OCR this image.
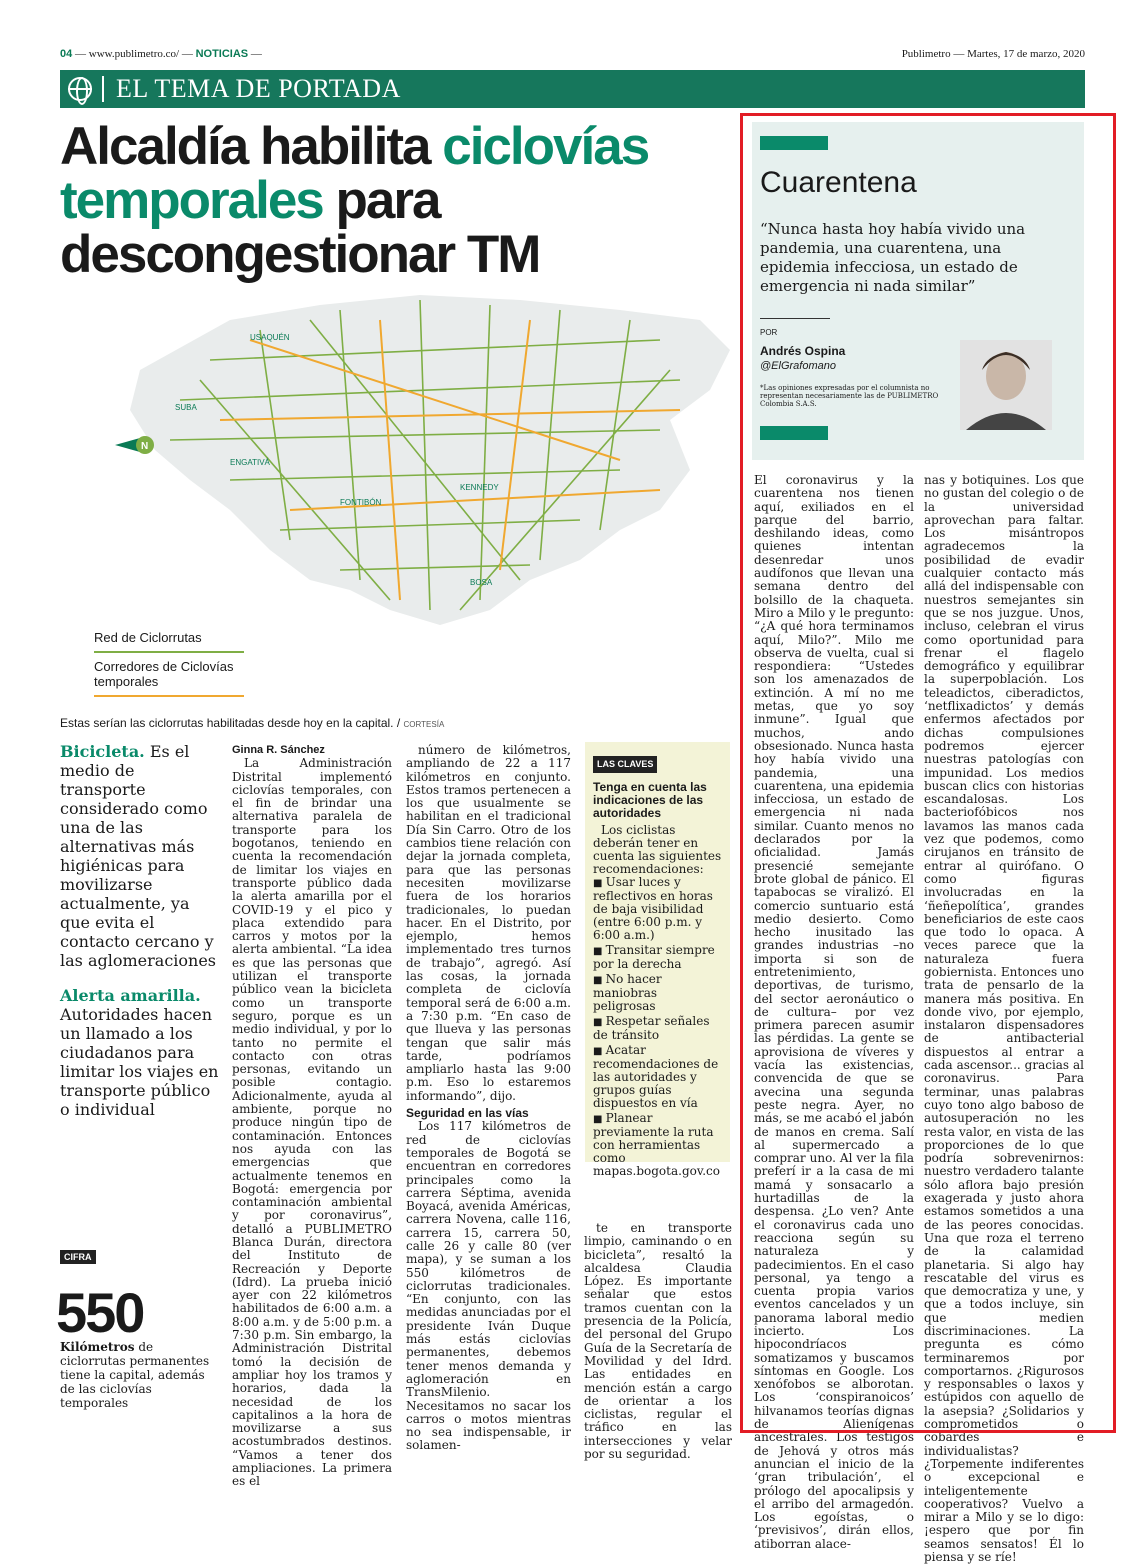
04 — www.publimetro.co/ — NOTICIAS —	Publimetro — Martes, 17 de marzo, 2020
EL TEMA DE PORTADA
Alcaldía habilita ciclovías temporales para descongestionar TM
USAQUÉN
SUBA
ENGATIVÁ
FONTIBÓN
KENNEDY
BOSA
N
Red de Ciclorrutas
Corredores de Ciclovías temporales
Estas serían las ciclorrutas habilitadas desde hoy en la capital. / CORTESÍA

Bicicleta. Es el medio de transporte considerado como una de las alternativas más higiénicas para movilizarse actualmente, ya que evita el contacto cercano y las aglomeraciones

Alerta amarilla. Autoridades hacen un llamado a los ciudadanos para limitar los viajes en transporte público o individual

CIFRA
550
Kilómetros de ciclorrutas permanentes tiene la capital, además de las ciclovías temporales

Ginna R. Sánchez

La Administración Distrital implementó ciclovías temporales, con el fin de brindar una alternativa paralela de transporte para los bogotanos, teniendo en cuenta la recomendación de limitar los viajes en transporte público dada la alerta amarilla por el COVID-19 y el pico y placa extendido para carros y motos por la alerta ambiental. “La idea es que las personas que utilizan el transporte público vean la bicicleta como un transporte seguro, porque es un medio individual, y por lo tanto no permite el contacto con otras personas, evitando un posible contagio. Adicionalmente, ayuda al ambiente, porque no produce ningún tipo de contaminación. Entonces nos ayuda con las emergencias que actualmente tenemos en Bogotá: emergencia por contaminación ambiental y por coronavirus”, detalló a PUBLIMETRO Blanca Durán, directora del Instituto de Recreación y Deporte (Idrd). La prueba inició ayer con 22 kilómetros habilitados de 6:00 a.m. a 8:00 a.m. y de 5:00 p.m. a 7:30 p.m. Sin embargo, la Administración Distrital tomó la decisión de ampliar hoy los tramos y horarios, dada la necesidad de los capitalinos a la hora de movilizarse a sus acostumbrados destinos. “Vamos a tener dos ampliaciones. La primera es el

número de kilómetros, ampliando de 22 a 117 kilómetros en conjunto. Estos tramos pertenecen a los que usualmente se habilitan en el tradicional Día Sin Carro. Otro de los cambios tiene relación con dejar la jornada completa, para que las personas necesiten movilizarse fuera de los horarios tradicionales, lo puedan hacer. En el Distrito, por ejemplo, hemos implementado tres turnos de trabajo”, agregó. Así las cosas, la jornada completa de ciclovía temporal será de 6:00 a.m. a 7:30 p.m. “En caso de que llueva y las personas tengan que salir más tarde, podríamos ampliarlo hasta las 9:00 p.m. Eso lo estaremos informando”, dijo.

Seguridad en las vías

Los 117 kilómetros de red de ciclovías temporales de Bogotá se encuentran en corredores principales como la carrera Séptima, avenida Boyacá, avenida Américas, carrera Novena, calle 116, carrera 15, carrera 50, calle 26 y calle 80 (ver mapa), y se suman a los 550 kilómetros de ciclorrutas tradicionales. “En conjunto, con las medidas anunciadas por el presidente Iván Duque más estás ciclovías permanentes, debemos tener menos demanda y aglomeración en TransMilenio. Necesitamos no sacar los carros o motos mientras no sea indispensable, ir solamen-

te en transporte limpio, caminando o en bicicleta”, resaltó la alcaldesa Claudia López. Es importante señalar que estos tramos cuentan con la presencia de la Policía, del personal del Grupo Guía de la Secretaría de Movilidad y del Idrd. Las entidades en mención están a cargo de orientar a los ciclistas, regular el tráfico en las intersecciones y velar por su seguridad.

LAS CLAVES
Tenga en cuenta las indicaciones de las autoridades

Los ciclistas deberán tener en cuenta las siguientes recomendaciones:

■ Usar luces y reflectivos en horas de baja visibilidad (entre 6:00 p.m. y 6:00 a.m.)
■ Transitar siempre por la derecha
■ No hacer maniobras peligrosas
■ Respetar señales de tránsito
■ Acatar recomendaciones de las autoridades y grupos guías dispuestos en vía
■ Planear previamente la ruta con herramientas como mapas.bogota.gov.co
Cuarentena
“Nunca hasta hoy había vivido una pandemia, una cuarentena, una epidemia infecciosa, un estado de emergencia ni nada similar”
POR
Andrés Ospina
@ElGrafomano
*Las opiniones expresadas por el columnista no representan necesariamente las de PUBLIMETRO Colombia S.A.S.

El coronavirus y la cuarentena nos tienen aquí, exiliados en el parque del barrio, deshilando ideas, como quienes intentan desenredar unos audífonos que llevan una semana dentro del bolsillo de la chaqueta. Miro a Milo y le pregunto: “¿A qué hora terminamos aquí, Milo?”. Milo me observa de vuelta, cual si respondiera: “Ustedes son los amenazados de extinción. A mí no me metas, que yo soy inmune”. Igual que muchos, ando obsesionado. Nunca hasta hoy había vivido una pandemia, una cuarentena, una epidemia infecciosa, un estado de emergencia ni nada similar. Cuanto menos no declarados por la oficialidad. Jamás presencié semejante brote global de pánico. El tapabocas se viralizó. El comercio suntuario está medio desierto. Como hecho inusitado las grandes industrias –no importa si son de entretenimiento, deportivas, de turismo, del sector aeronáutico o de cultura– por vez primera parecen asumir las pérdidas. La gente se aprovisiona de víveres y vacía las existencias, convencida de que se avecina una segunda peste negra. Ayer, no más, se me acabó el jabón de manos en crema. Salí al supermercado a comprar uno. Al ver la fila preferí ir a la casa de mi mamá y sonsacarlo a hurtadillas de la despensa. ¿Lo ven? Ante el coronavirus cada uno reacciona según su naturaleza y padecimientos. En el caso personal, ya tengo a cuenta propia varios eventos cancelados y un panorama laboral medio incierto. Los hipocondríacos somatizamos y buscamos síntomas en Google. Los xenófobos se alborotan. Los ‘conspiranoicos’ hilvanamos teorías dignas de Alienígenas ancestrales. Los testigos de Jehová y otros más anuncian el inicio de la ‘gran tribulación’, el prólogo del apocalipsis y el arribo del armagedón. Los egoístas, o ‘previsivos’, dirán ellos, atiborran alace-

nas y botiquines. Los que no gustan del colegio o de la universidad aprovechan para faltar. Los misántropos agradecemos la posibilidad de evadir cualquier contacto más allá del indispensable con nuestros semejantes sin que se nos juzgue. Unos, incluso, celebran el virus como oportunidad para frenar el flagelo demográfico y equilibrar la superpoblación. Los teleadictos, ciberadictos, ‘netflixadictos’ y demás enfermos afectados por dichas compulsiones podremos ejercer nuestras patologías con impunidad. Los medios buscan clics con historias escandalosas. Los bacteriofóbicos nos lavamos las manos cada vez que podemos, como cirujanos en tránsito de entrar al quirófano. O como figuras involucradas en la ‘ñeñepolítica’, grandes beneficiarios de este caos que todo lo opaca. A veces parece que la naturaleza fuera gobiernista. Entonces uno trata de pensarlo de la manera más positiva. En donde vivo, por ejemplo, instalaron dispensadores de antibacterial dispuestos al entrar a cada ascensor... gracias al coronavirus. Para terminar, unas palabras cuyo tono algo baboso de autosuperación no les resta valor, en vista de las proporciones de lo que podría sobrevenirnos: nuestro verdadero talante sólo aflora bajo presión exagerada y justo ahora estamos sometidos a una de las peores conocidas. Una que roza el terreno de la calamidad planetaria. Si algo hay rescatable del virus es que democratiza y une, y que a todos incluye, sin que medien discriminaciones. La pregunta es cómo terminaremos por comportarnos. ¿Rigurosos y responsables o laxos y estúpidos con aquello de la asepsia? ¿Solidarios y comprometidos o cobardes e individualistas? ¿Torpemente indiferentes o excepcional e inteligentemente cooperativos? Vuelvo a mirar a Milo y se lo digo: ¡espero que por fin seamos sensatos! Él lo piensa y se ríe!
